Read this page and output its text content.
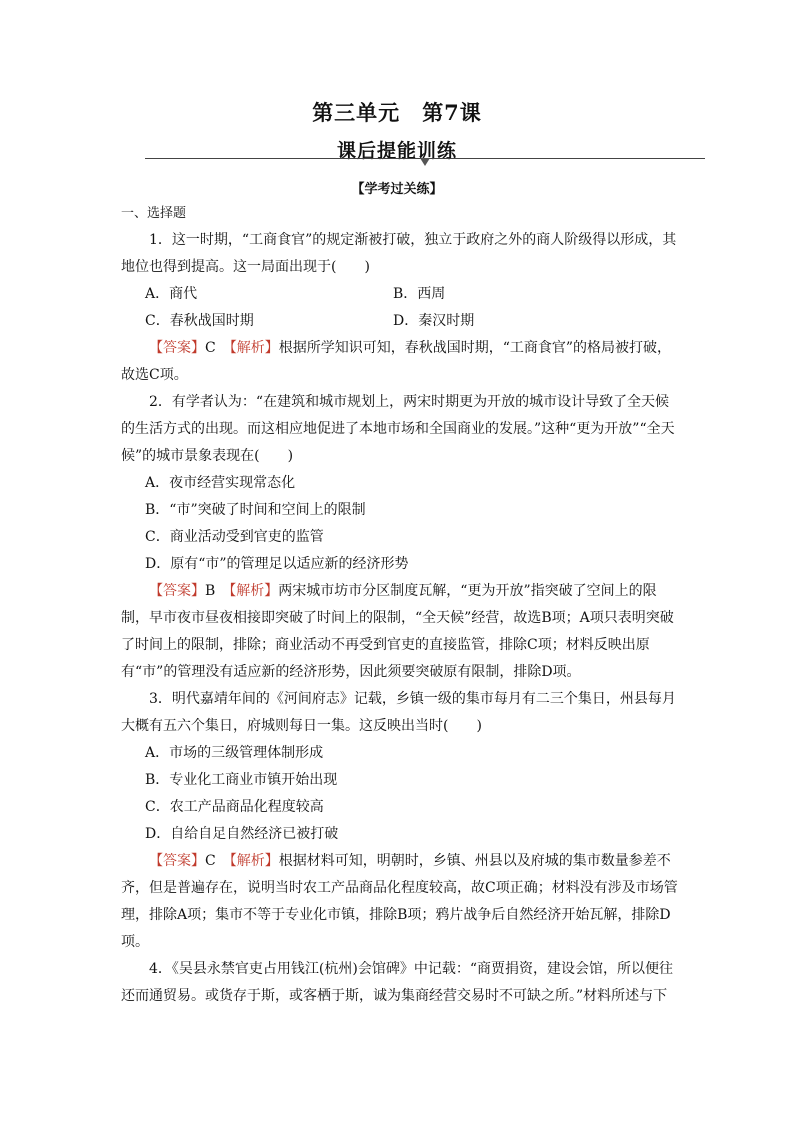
第三单元 第7课
课后提能训练
【学考过关练】

一、选择题

1．这一时期，“工商食官”的规定渐被打破，独立于政府之外的商人阶级得以形成，其地位也得到提高。这一局面出现于(　　)

A．商代	B．西周
C．春秋战国时期	D．秦汉时期

【答案】C　 【解析】根据所学知识可知，春秋战国时期，“工商食官”的格局被打破，故选C项。

2．有学者认为：“在建筑和城市规划上，两宋时期更为开放的城市设计导致了全天候的生活方式的出现。而这相应地促进了本地市场和全国商业的发展。”这种“更为开放”“全天候”的城市景象表现在(　　)

A．夜市经营实现常态化

B．“市”突破了时间和空间上的限制

C．商业活动受到官吏的监管

D．原有“市”的管理足以适应新的经济形势

【答案】B　 【解析】两宋城市坊市分区制度瓦解，“更为开放”指突破了空间上的限制，早市夜市昼夜相接即突破了时间上的限制，“全天候”经营，故选B项；A项只表明突破了时间上的限制，排除；商业活动不再受到官吏的直接监管，排除C项；材料反映出原有“市”的管理没有适应新的经济形势，因此须要突破原有限制，排除D项。

3．明代嘉靖年间的《河间府志》记载，乡镇一级的集市每月有二三个集日，州县每月大概有五六个集日，府城则每日一集。这反映出当时(　　)

A．市场的三级管理体制形成

B．专业化工商业市镇开始出现

C．农工产品商品化程度较高

D．自给自足自然经济已被打破

【答案】C　 【解析】根据材料可知，明朝时，乡镇、州县以及府城的集市数量参差不齐，但是普遍存在，说明当时农工产品商品化程度较高，故C项正确；材料没有涉及市场管理，排除A项；集市不等于专业化市镇，排除B项；鸦片战争后自然经济开始瓦解，排除D项。

4．《吴县永禁官吏占用钱江(杭州)会馆碑》中记载：“商贾捐资，建设会馆，所以便往还而通贸易。或货存于斯，或客栖于斯，诚为集商经营交易时不可缺之所。”材料所述与下
